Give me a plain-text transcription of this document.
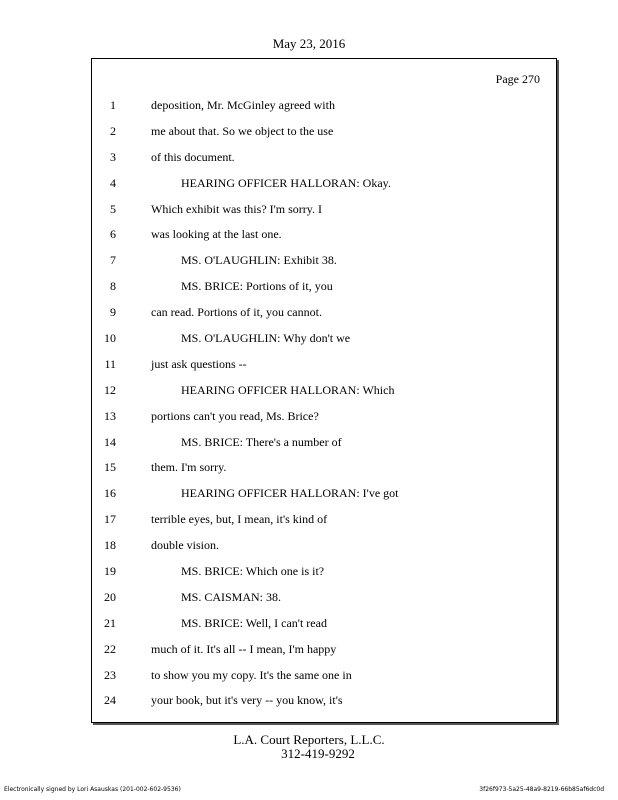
May 23, 2016
Page 270
1	deposition, Mr. McGinley agreed with
2	me about that. So we object to the use
3	of this document.
4	HEARING OFFICER HALLORAN: Okay.
5	Which exhibit was this? I'm sorry. I
6	was looking at the last one.
7	MS. O'LAUGHLIN: Exhibit 38.
8	MS. BRICE: Portions of it, you
9	can read. Portions of it, you cannot.
10	MS. O'LAUGHLIN: Why don't we
11	just ask questions --
12	HEARING OFFICER HALLORAN: Which
13	portions can't you read, Ms. Brice?
14	MS. BRICE: There's a number of
15	them. I'm sorry.
16	HEARING OFFICER HALLORAN: I've got
17	terrible eyes, but, I mean, it's kind of
18	double vision.
19	MS. BRICE: Which one is it?
20	MS. CAISMAN: 38.
21	MS. BRICE: Well, I can't read
22	much of it. It's all -- I mean, I'm happy
23	to show you my copy. It's the same one in
24	your book, but it's very -- you know, it's
L.A. Court Reporters, L.L.C.
312-419-9292
Electronically signed by Lori Asauskas (201-002-602-9536)	3f26f973-5a25-48a9-8219-66b85af6dc0d
